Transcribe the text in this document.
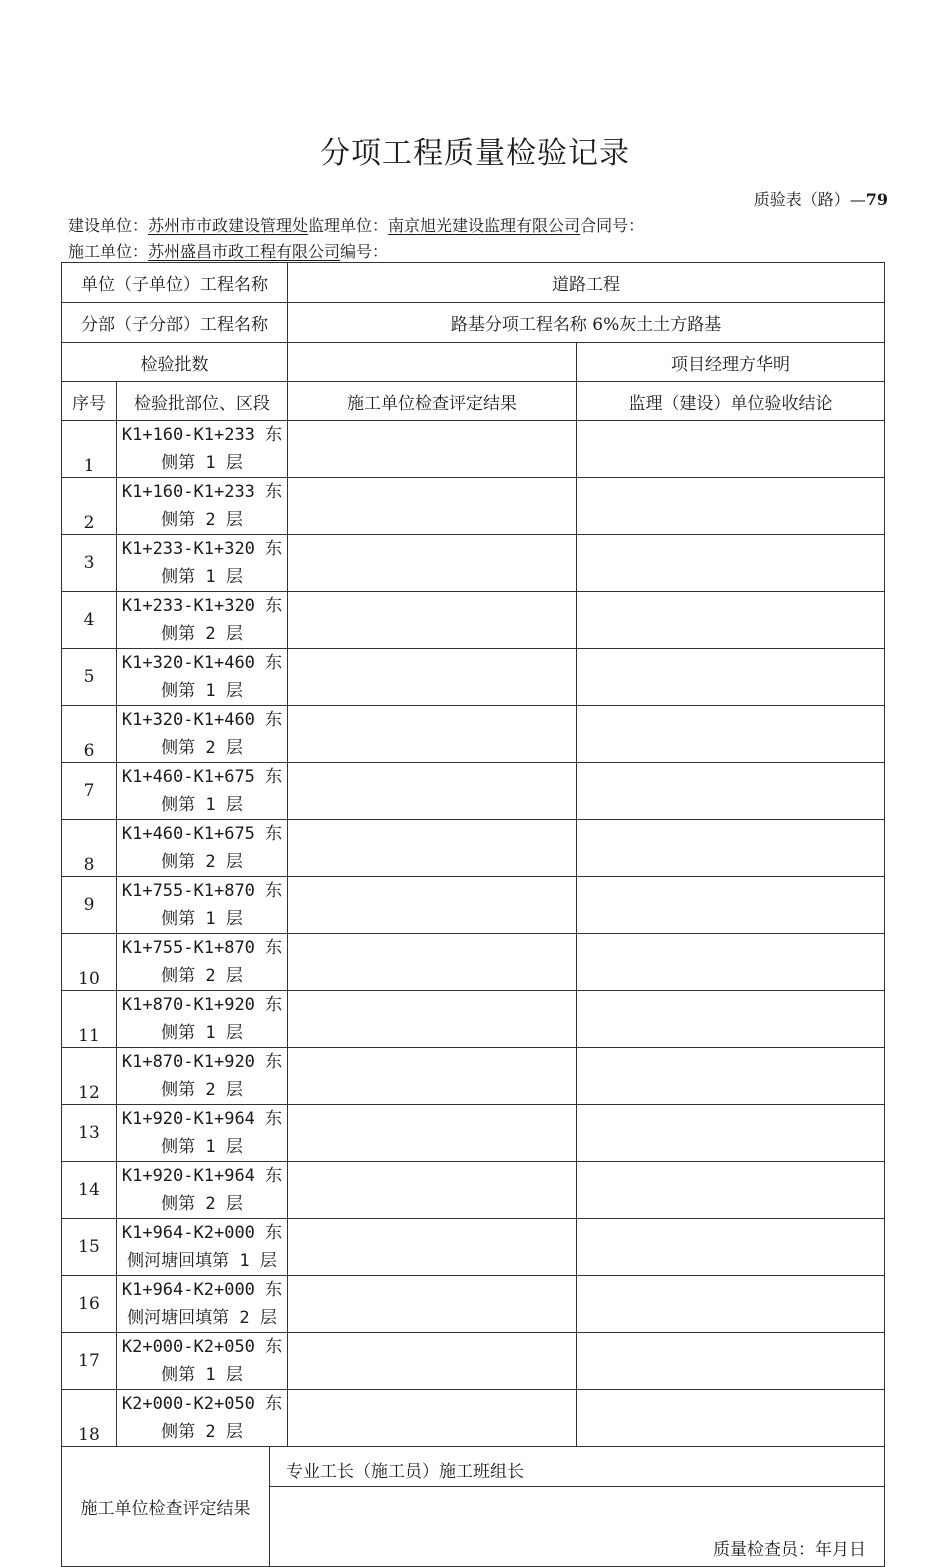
分项工程质量检验记录
质验表（路）—79
建设单位：苏州市市政建设管理处监理单位：南京旭光建设监理有限公司合同号：
施工单位：苏州盛昌市政工程有限公司编号：
单位（子单位）工程名称			道路工程	
分部（子分部）工程名称			路基分项工程名称 6%灰土土方路基	
检验批数				项目经理方华明
序号	检验批部位、区段		施工单位检查评定结果	监理（建设）单位验收结论
1	K1+160-K1+233 东侧第 1 层			
2	K1+160-K1+233 东侧第 2 层			
3	K1+233-K1+320 东侧第 1 层			
4	K1+233-K1+320 东侧第 2 层			
5	K1+320-K1+460 东侧第 1 层			
6	K1+320-K1+460 东侧第 2 层			
7	K1+460-K1+675 东侧第 1 层			
8	K1+460-K1+675 东侧第 2 层			
9	K1+755-K1+870 东侧第 1 层			
10	K1+755-K1+870 东侧第 2 层			
11	K1+870-K1+920 东侧第 1 层			
12	K1+870-K1+920 东侧第 2 层			
13	K1+920-K1+964 东侧第 1 层			
14	K1+920-K1+964 东侧第 2 层			
15	K1+964-K2+000 东侧河塘回填第 1 层			
16	K1+964-K2+000 东侧河塘回填第 2 层			
17	K2+000-K2+050 东侧第 1 层			
18	K2+000-K2+050 东侧第 2 层			
施工单位检查评定结果		专业工长（施工员）施工班组长		
		质量检查员：年月日		
